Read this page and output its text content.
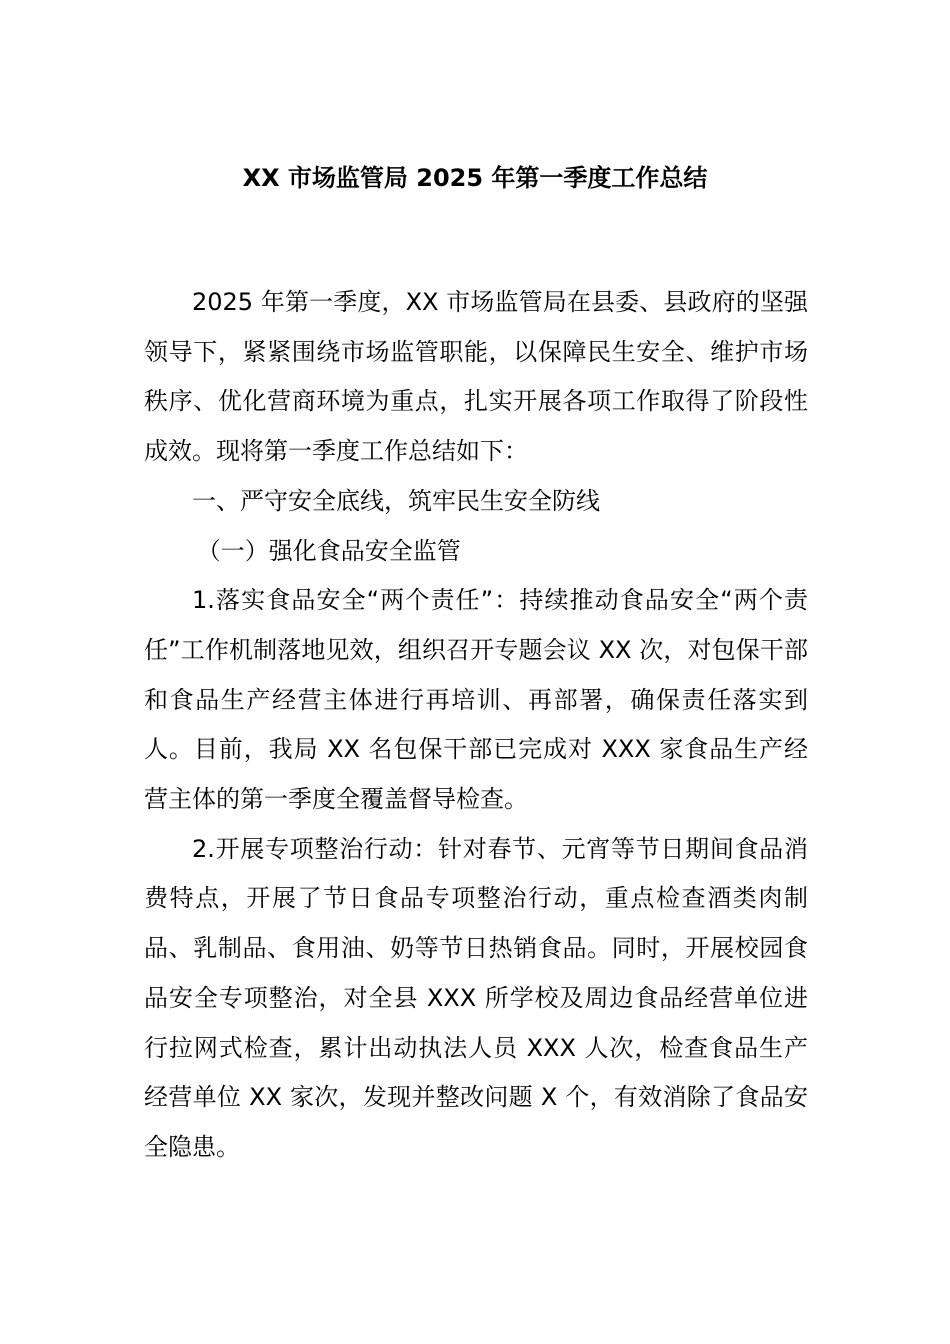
XX 市场监管局 2025 年第一季度工作总结

2025 年第一季度，XX 市场监管局在县委、县政府的坚强领导下，紧紧围绕市场监管职能，以保障民生安全、维护市场秩序、优化营商环境为重点，扎实开展各项工作取得了阶段性成效。现将第一季度工作总结如下：

一、严守安全底线，筑牢民生安全防线

（一）强化食品安全监管

1.落实食品安全“两个责任”：持续推动食品安全“两个责任”工作机制落地见效，组织召开专题会议 XX 次，对包保干部和食品生产经营主体进行再培训、再部署，确保责任落实到人。目前，我局 XX 名包保干部已完成对 XXX 家食品生产经营主体的第一季度全覆盖督导检查。

2.开展专项整治行动：针对春节、元宵等节日期间食品消费特点，开展了节日食品专项整治行动，重点检查酒类肉制品、乳制品、食用油、奶等节日热销食品。同时，开展校园食品安全专项整治，对全县 XXX 所学校及周边食品经营单位进行拉网式检查，累计出动执法人员 XXX 人次，检查食品生产经营单位 XX 家次，发现并整改问题 X 个，有效消除了食品安全隐患。
